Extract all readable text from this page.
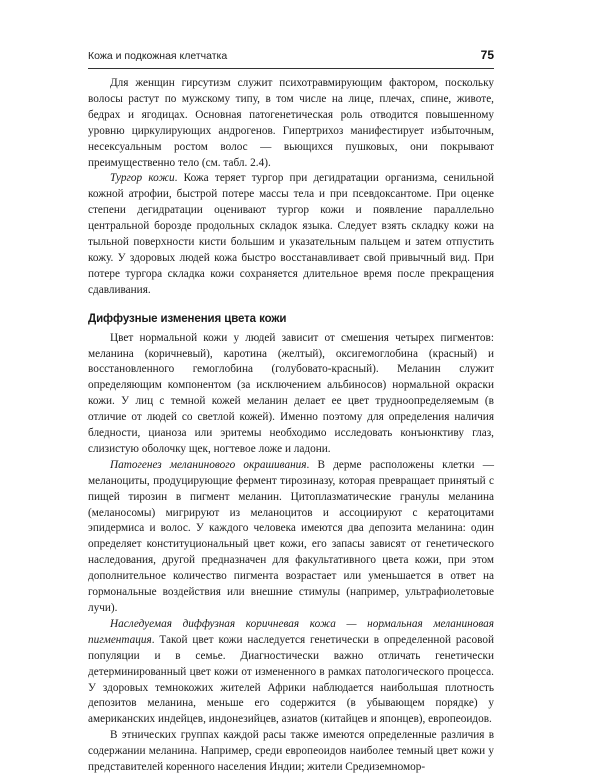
Кожа и подкожная клетчатка	75

Для женщин гирсутизм служит психотравмирующим фактором, поскольку волосы растут по мужскому типу, в том числе на лице, плечах, спине, животе, бедрах и ягодицах. Основная патогенетическая роль отводится повышенному уровню циркулирующих андрогенов. Гипертрихоз манифестирует избыточным, несексуальным ростом волос — вьющихся пушковых, они покрывают преимущественно тело (см. табл. 2.4).

Тургор кожи. Кожа теряет тургор при дегидратации организма, сенильной кожной атрофии, быстрой потере массы тела и при псевдоксантоме. При оценке степени дегидратации оценивают тургор кожи и появление параллельно центральной борозде продольных складок языка. Следует взять складку кожи на тыльной поверхности кисти большим и указательным пальцем и затем отпустить кожу. У здоровых людей кожа быстро восстанавливает свой привычный вид. При потере тургора складка кожи сохраняется длительное время после прекращения сдавливания.

Диффузные изменения цвета кожи

Цвет нормальной кожи у людей зависит от смешения четырех пигментов: меланина (коричневый), каротина (желтый), оксигемоглобина (красный) и восстановленного гемоглобина (голубовато-красный). Меланин служит определяющим компонентом (за исключением альбиносов) нормальной окраски кожи. У лиц с темной кожей меланин делает ее цвет трудноопределяемым (в отличие от людей со светлой кожей). Именно поэтому для определения наличия бледности, цианоза или эритемы необходимо исследовать конъюнктиву глаз, слизистую оболочку щек, ногтевое ложе и ладони.

Патогенез меланинового окрашивания. В дерме расположены клетки — меланоциты, продуцирующие фермент тирозиназу, которая превращает принятый с пищей тирозин в пигмент меланин. Цитоплазматические гранулы меланина (меланосомы) мигрируют из меланоцитов и ассоциируют с кератоцитами эпидермиса и волос. У каждого человека имеются два депозита меланина: один определяет конституциональный цвет кожи, его запасы зависят от генетического наследования, другой предназначен для факультативного цвета кожи, при этом дополнительное количество пигмента возрастает или уменьшается в ответ на гормональные воздействия или внешние стимулы (например, ультрафиолетовые лучи).

Наследуемая диффузная коричневая кожа — нормальная меланиновая пигментация. Такой цвет кожи наследуется генетически в определенной расовой популяции и в семье. Диагностически важно отличать генетически детерминированный цвет кожи от измененного в рамках патологического процесса. У здоровых темнокожих жителей Африки наблюдается наибольшая плотность депозитов меланина, меньше его содержится (в убывающем порядке) у американских индейцев, индонезийцев, азиатов (китайцев и японцев), европеоидов.

В этнических группах каждой расы также имеются определенные различия в содержании меланина. Например, среди европеоидов наиболее темный цвет кожи у представителей коренного населения Индии; жители Средиземномор-
